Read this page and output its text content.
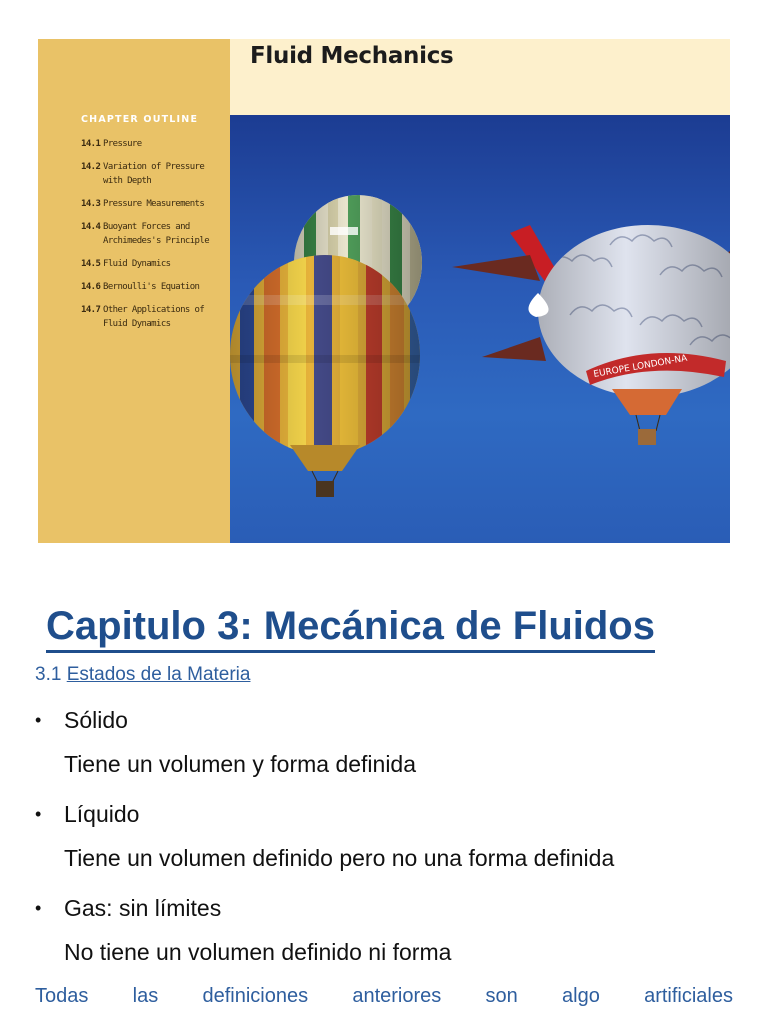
CHAPTER OUTLINE
14.1 Pressure
14.2 Variation of Pressure with Depth
14.3 Pressure Measurements
14.4 Buoyant Forces and Archimedes's Principle
14.5 Fluid Dynamics
14.6 Bernoulli's Equation
14.7 Other Applications of Fluid Dynamics
Fluid Mechanics
EUROPE LONDON-NA
Capitulo 3: Mecánica de Fluidos
3.1 Estados de la Materia
• Sólido
Tiene un volumen y forma definida
• Líquido
Tiene un volumen definido pero no una forma definida
• Gas: sin límites
No tiene un volumen definido ni forma
Todas las definiciones anteriores son algo artificiales
